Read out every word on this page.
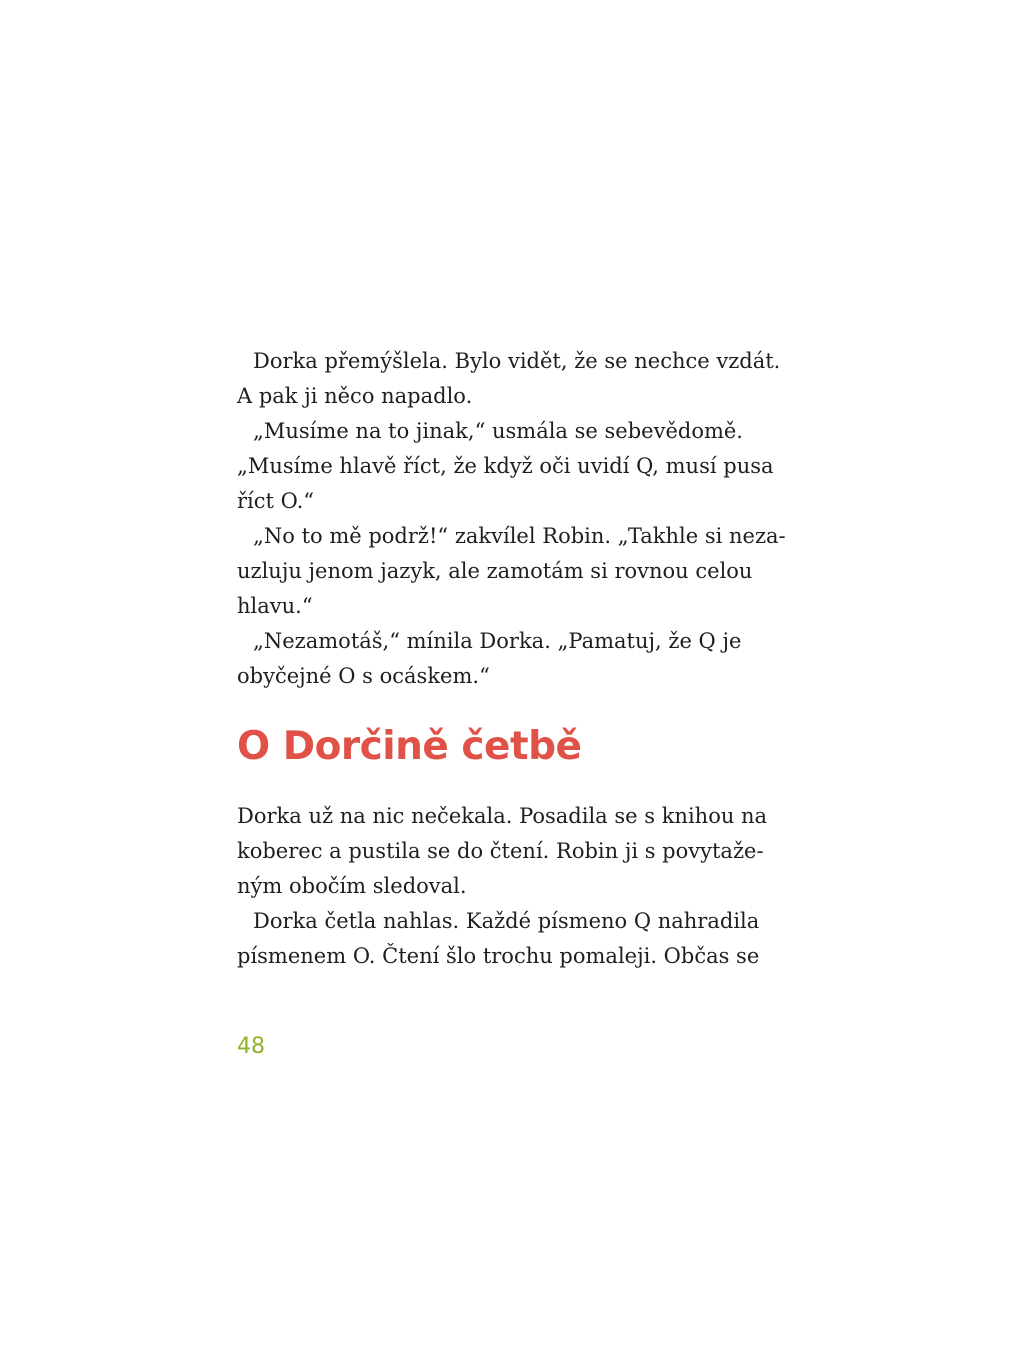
Dorka přemýšlela. Bylo vidět, že se nechce vzdát.
A pak ji něco napadlo.
„Musíme na to jinak,“ usmála se sebevědomě.
„Musíme hlavě říct, že když oči uvidí Q, musí pusa
říct O.“
„No to mě podrž!“ zakvílel Robin. „Takhle si neza-
uzluju jenom jazyk, ale zamotám si rovnou celou
hlavu.“
„Nezamotáš,“ mínila Dorka. „Pamatuj, že Q je
obyčejné O s ocáskem.“
O Dorčině četbě
Dorka už na nic nečekala. Posadila se s knihou na
koberec a pustila se do čtení. Robin ji s povytaže-
ným obočím sledoval.
Dorka četla nahlas. Každé písmeno Q nahradila
písmenem O. Čtení šlo trochu pomaleji. Občas se
48
